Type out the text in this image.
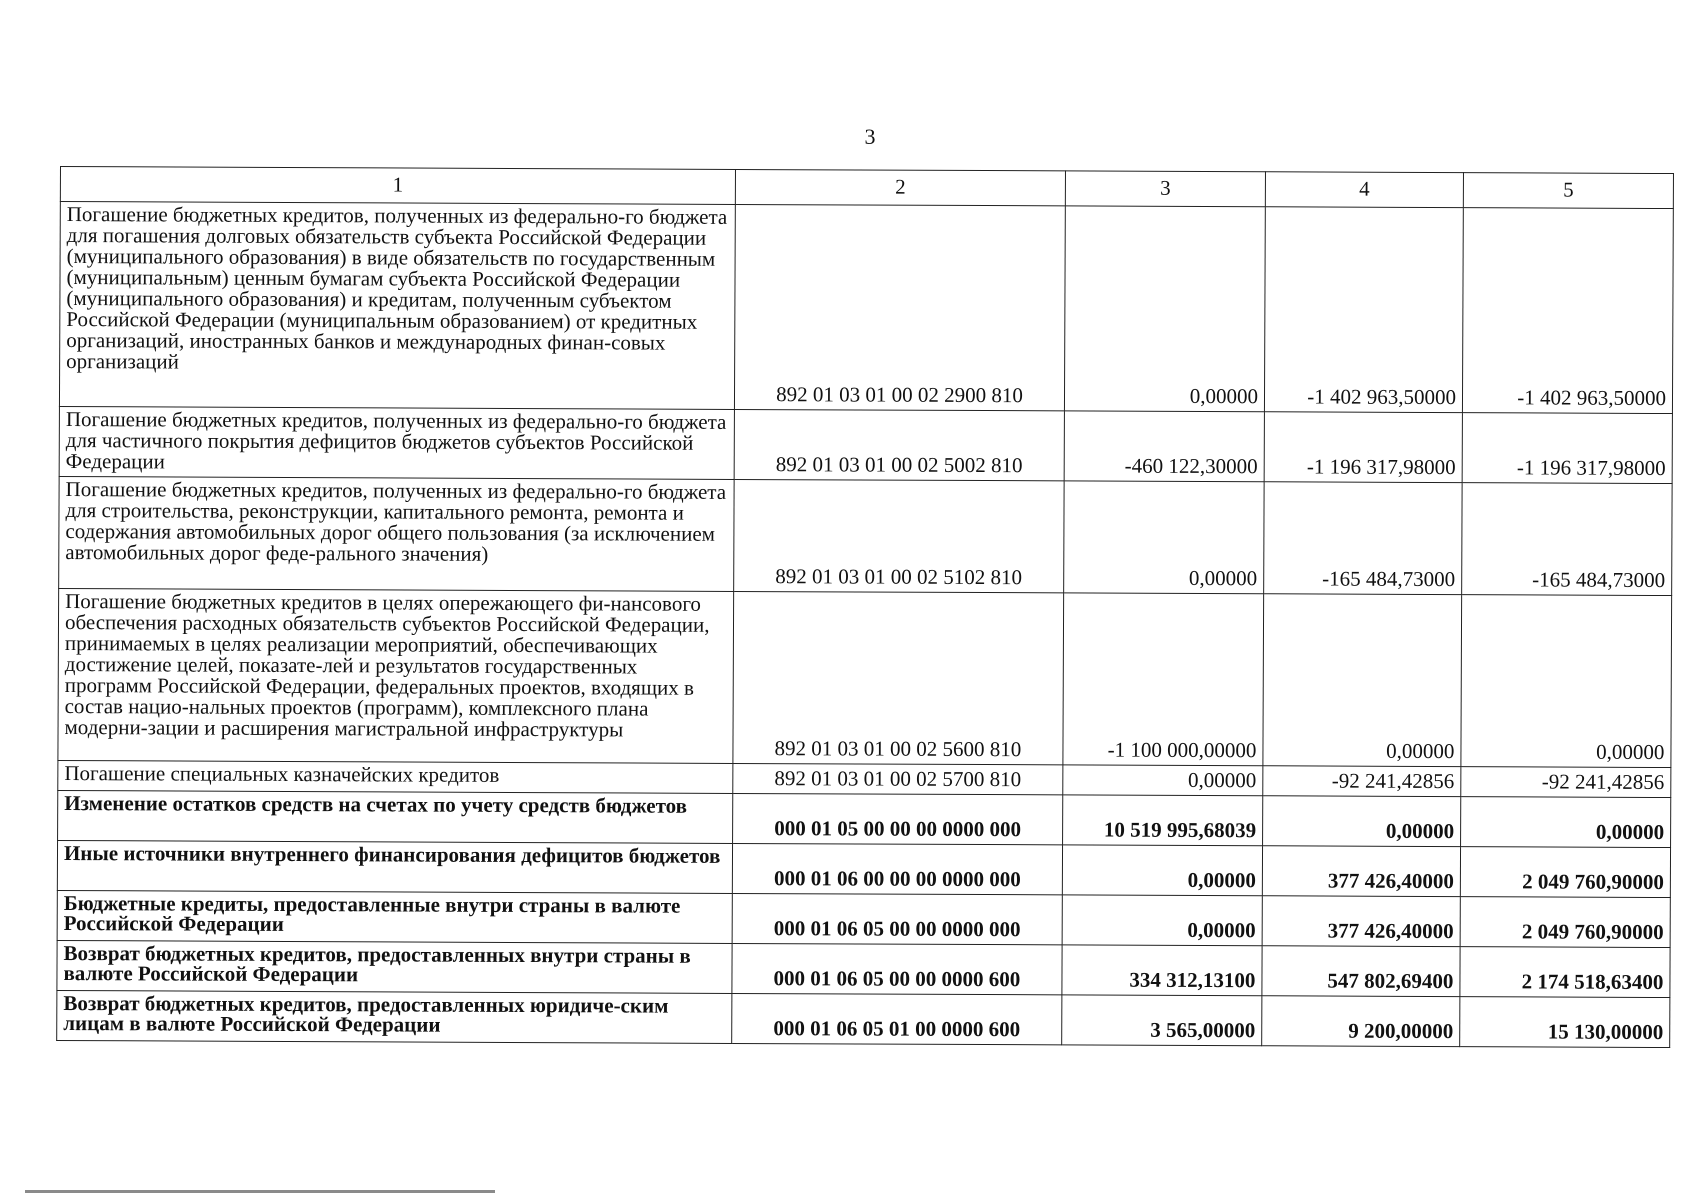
3
1	2	3	4	5
Погашение бюджетных кредитов, полученных из федерально-го бюджета для погашения долговых обязательств субъекта Российской Федерации (муниципального образования) в виде обязательств по государственным (муниципальным) ценным бумагам субъекта Российской Федерации (муниципального образования) и кредитам, полученным субъектом Российской Федерации (муниципальным образованием) от кредитных организаций, иностранных банков и международных финан-совых организаций	892 01 03 01 00 02 2900 810	0,00000	-1 402 963,50000	-1 402 963,50000
Погашение бюджетных кредитов, полученных из федерально-го бюджета для частичного покрытия дефицитов бюджетов субъектов Российской Федерации	892 01 03 01 00 02 5002 810	-460 122,30000	-1 196 317,98000	-1 196 317,98000
Погашение бюджетных кредитов, полученных из федерально-го бюджета для строительства, реконструкции, капитального ремонта, ремонта и содержания автомобильных дорог общего пользования (за исключением автомобильных дорог феде-рального значения)	892 01 03 01 00 02 5102 810	0,00000	-165 484,73000	-165 484,73000
Погашение бюджетных кредитов в целях опережающего фи-нансового обеспечения расходных обязательств субъектов Российской Федерации, принимаемых в целях реализации мероприятий, обеспечивающих достижение целей, показате-лей и результатов государственных программ Российской Федерации, федеральных проектов, входящих в состав нацио-нальных проектов (программ), комплексного плана модерни-зации и расширения магистральной инфраструктуры	892 01 03 01 00 02 5600 810	-1 100 000,00000	0,00000	0,00000
Погашение специальных казначейских кредитов	892 01 03 01 00 02 5700 810	0,00000	-92 241,42856	-92 241,42856
Изменение остатков средств на счетах по учету средств бюджетов	000 01 05 00 00 00 0000 000	10 519 995,68039	0,00000	0,00000
Иные источники внутреннего финансирования дефицитов бюджетов	000 01 06 00 00 00 0000 000	0,00000	377 426,40000	2 049 760,90000
Бюджетные кредиты, предоставленные внутри страны в валюте Российской Федерации	000 01 06 05 00 00 0000 000	0,00000	377 426,40000	2 049 760,90000
Возврат бюджетных кредитов, предоставленных внутри страны в валюте Российской Федерации	000 01 06 05 00 00 0000 600	334 312,13100	547 802,69400	2 174 518,63400
Возврат бюджетных кредитов, предоставленных юридиче-ским лицам в валюте Российской Федерации	000 01 06 05 01 00 0000 600	3 565,00000	9 200,00000	15 130,00000
